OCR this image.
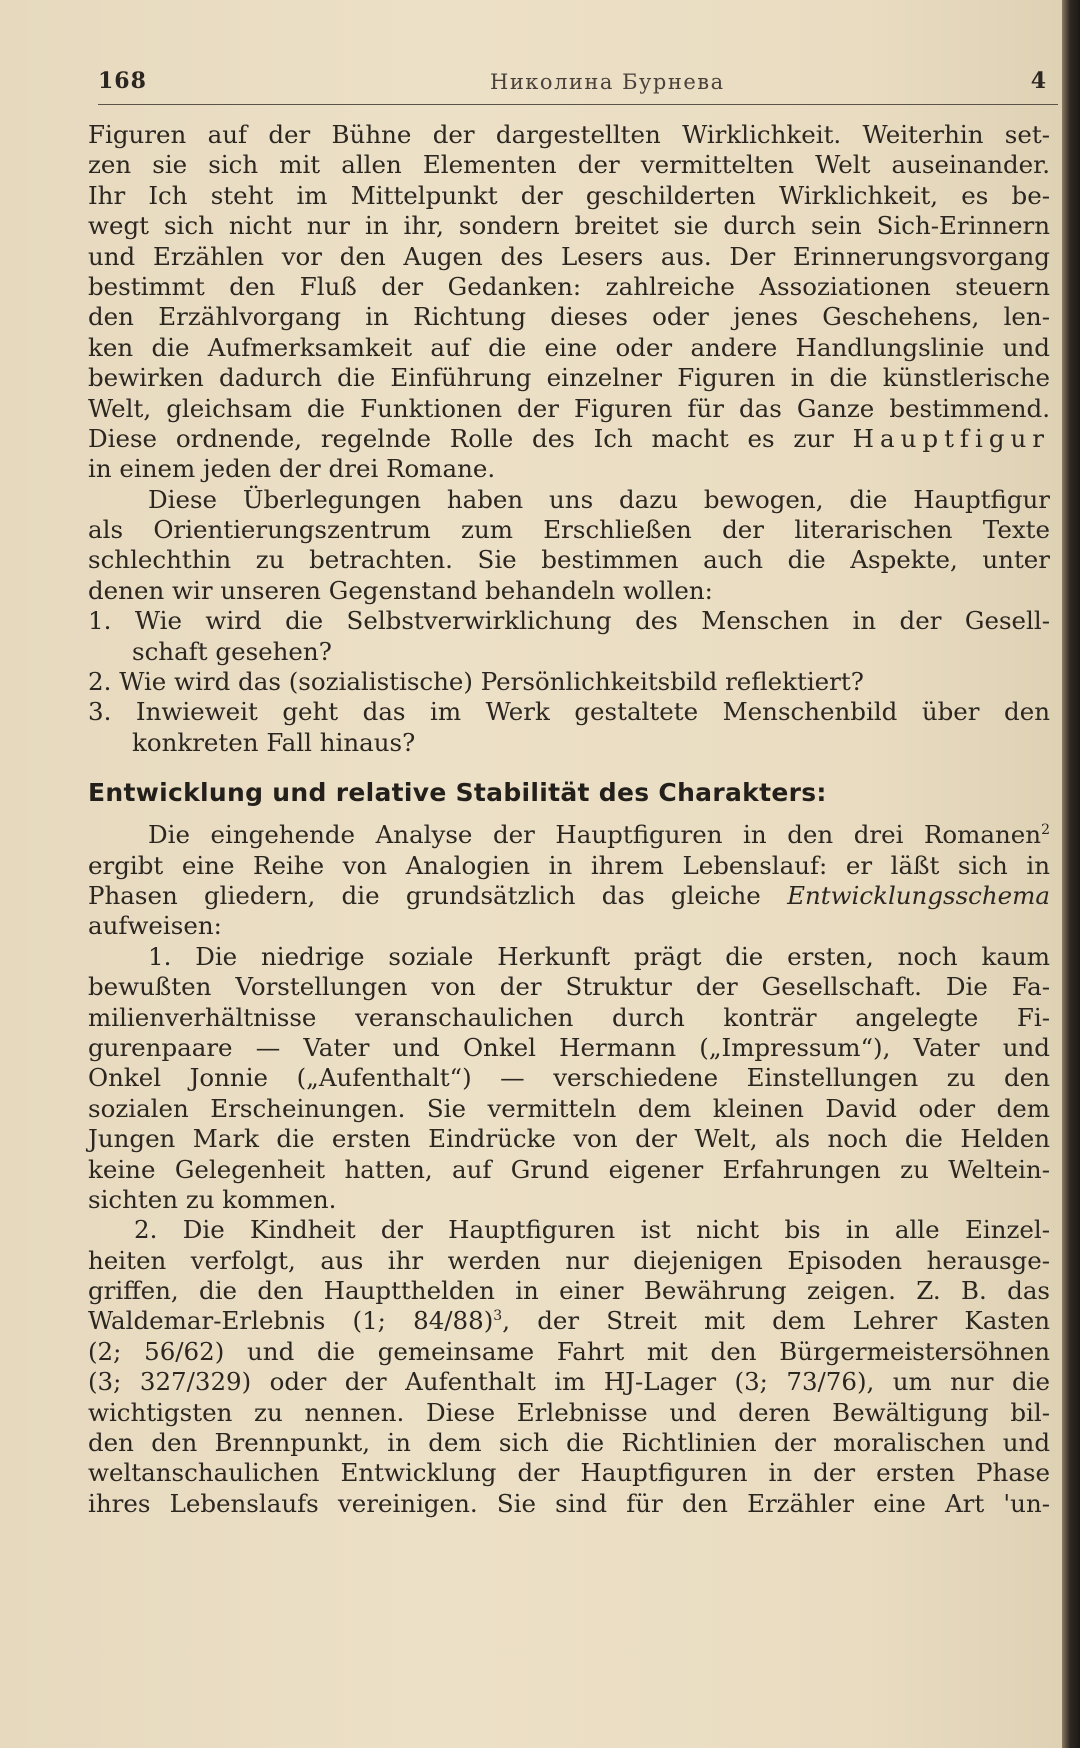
168	Николина Бурнева	4
Figuren auf der Bühne der dargestellten Wirklichkeit. Weiterhin set-
zen sie sich mit allen Elementen der vermittelten Welt auseinander.
Ihr Ich steht im Mittelpunkt der geschilderten Wirklichkeit, es be-
wegt sich nicht nur in ihr, sondern breitet sie durch sein Sich-Erinnern
und Erzählen vor den Augen des Lesers aus. Der Erinnerungsvorgang
bestimmt den Fluß der Gedanken: zahlreiche Assoziationen steuern
den Erzählvorgang in Richtung dieses oder jenes Geschehens, len-
ken die Aufmerksamkeit auf die eine oder andere Handlungslinie und
bewirken dadurch die Einführung einzelner Figuren in die künstlerische
Welt, gleichsam die Funktionen der Figuren für das Ganze bestimmend.
Diese ordnende, regelnde Rolle des Ich macht es zur Hauptfigur
in einem jeden der drei Romane.
Diese Überlegungen haben uns dazu bewogen, die Hauptfigur
als Orientierungszentrum zum Erschließen der literarischen Texte
schlechthin zu betrachten. Sie bestimmen auch die Aspekte, unter
denen wir unseren Gegenstand behandeln wollen:
1. Wie wird die Selbstverwirklichung des Menschen in der Gesell-
schaft gesehen?
2. Wie wird das (sozialistische) Persönlichkeitsbild reflektiert?
3. Inwieweit geht das im Werk gestaltete Menschenbild über den
konkreten Fall hinaus?
Entwicklung und relative Stabilität des Charakters:
Die eingehende Analyse der Hauptfiguren in den drei Romanen$^2$
ergibt eine Reihe von Analogien in ihrem Lebenslauf: er läßt sich in
Phasen gliedern, die grundsätzlich das gleiche Entwicklungsschema
aufweisen:
1. Die niedrige soziale Herkunft prägt die ersten, noch kaum
bewußten Vorstellungen von der Struktur der Gesellschaft. Die Fa-
milienverhältnisse veranschaulichen durch konträr angelegte Fi-
gurenpaare — Vater und Onkel Hermann („Impressum“), Vater und
Onkel Jonnie („Aufenthalt“) — verschiedene Einstellungen zu den
sozialen Erscheinungen. Sie vermitteln dem kleinen David oder dem
Jungen Mark die ersten Eindrücke von der Welt, als noch die Helden
keine Gelegenheit hatten, auf Grund eigener Erfahrungen zu Weltein-
sichten zu kommen.
2. Die Kindheit der Hauptfiguren ist nicht bis in alle Einzel-
heiten verfolgt, aus ihr werden nur diejenigen Episoden herausge-
griffen, die den Hauptthelden in einer Bewährung zeigen. Z. B. das
Waldemar-Erlebnis (1; 84/88)$^3$, der Streit mit dem Lehrer Kasten
(2; 56/62) und die gemeinsame Fahrt mit den Bürgermeistersöhnen
(3; 327/329) oder der Aufenthalt im HJ-Lager (3; 73/76), um nur die
wichtigsten zu nennen. Diese Erlebnisse und deren Bewältigung bil-
den den Brennpunkt, in dem sich die Richtlinien der moralischen und
weltanschaulichen Entwicklung der Hauptfiguren in der ersten Phase
ihres Lebenslaufs vereinigen. Sie sind für den Erzähler eine Art 'un-
